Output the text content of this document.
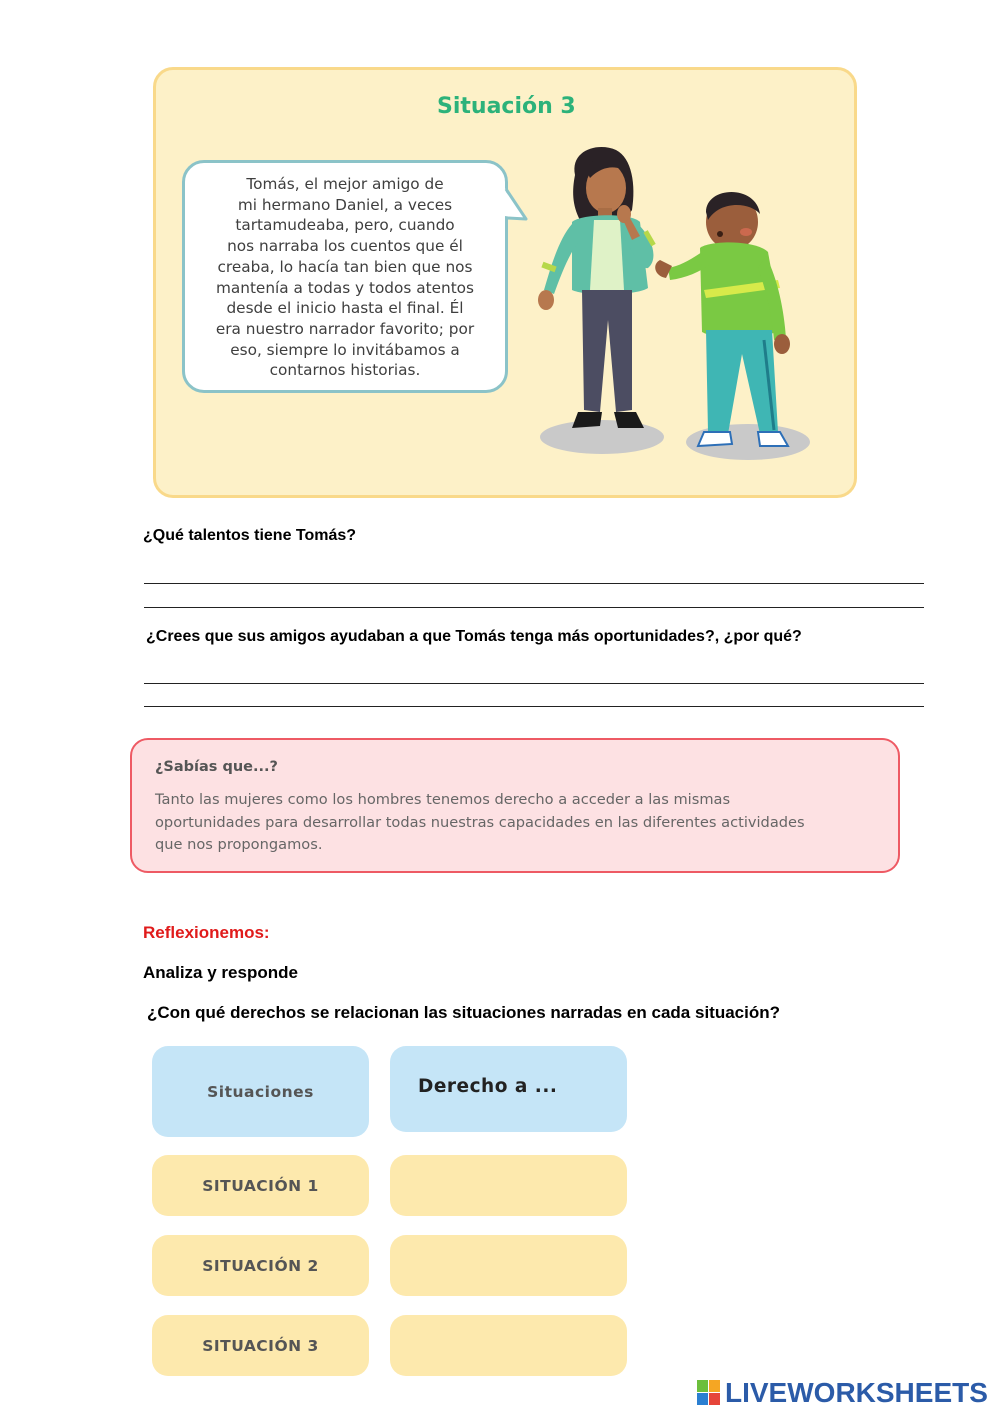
Situación 3
Tomás, el mejor amigo de
mi hermano Daniel, a veces
tartamudeaba, pero, cuando
nos narraba los cuentos que él
creaba, lo hacía tan bien que nos
mantenía a todas y todos atentos
desde el inicio hasta el final. Él
era nuestro narrador favorito; por
eso, siempre lo invitábamos a
contarnos historias.
¿Qué talentos tiene Tomás?
¿Crees que sus amigos ayudaban a que Tomás tenga más oportunidades?, ¿por qué?
¿Sabías que...?
Tanto las mujeres como los hombres tenemos derecho a acceder a las mismas
oportunidades para desarrollar todas nuestras capacidades en las diferentes actividades
que nos propongamos.
Reflexionemos:
Analiza y responde
¿Con qué derechos se relacionan las situaciones narradas en cada situación?
Situaciones	Derecho a ...
SITUACIÓN 1
SITUACIÓN 2
SITUACIÓN 3
LIVEWORKSHEETS
